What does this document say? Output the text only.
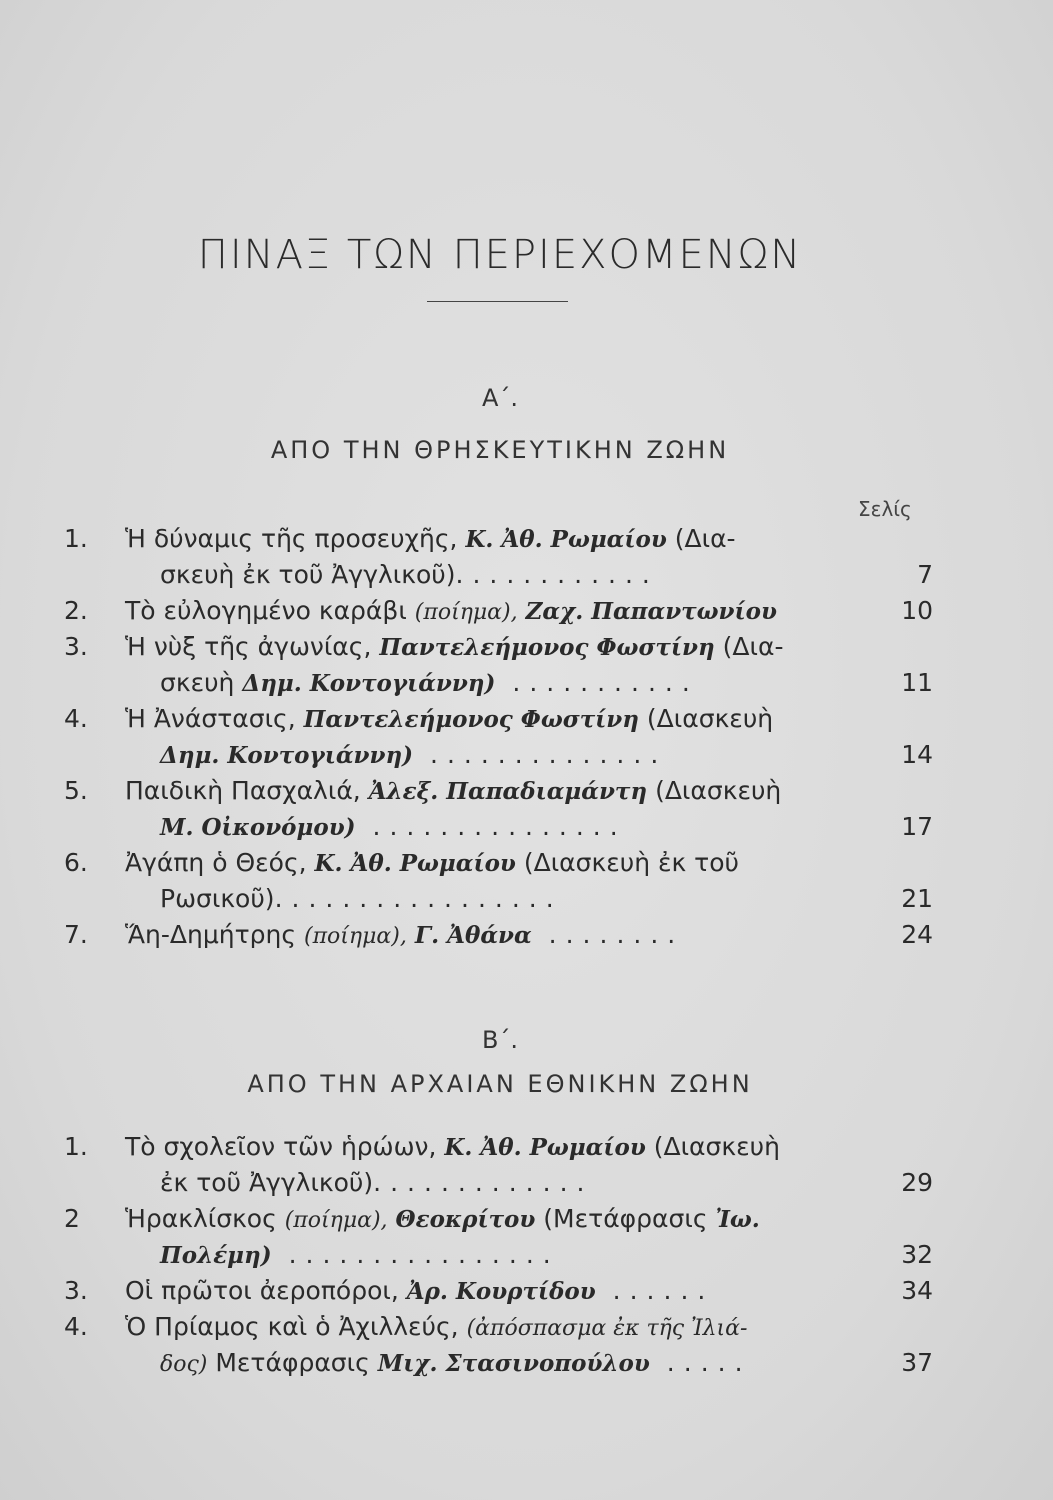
ΠΙΝΑΞ ΤΩΝ ΠΕΡΙΕΧΟΜΕΝΩΝ
Α΄.
ΑΠΟ ΤΗΝ ΘΡΗΣΚΕΥΤΙΚΗΝ ΖΩΗΝ
Σελίς
1. Ἡ δύναμις τῆς προσευχῆς, Κ. Ἀθ. Ρωμαίου (Δια-
σκευὴ ἐκ τοῦ Ἀγγλικοῦ)............	7
2. Τὸ εὐλογημένο καράβι (ποίημα), Ζαχ. Παπαντωνίου	10
3. Ἡ νὺξ τῆς ἀγωνίας, Παντελεήμονος Φωστίνη (Δια-
σκευὴ Δημ. Κοντογιάννη) ...........	11
4. Ἡ Ἀνάστασις, Παντελεήμονος Φωστίνη (Διασκευὴ
Δημ. Κοντογιάννη) ..............	14
5. Παιδικὴ Πασχαλιά, Ἀλεξ. Παπαδιαμάντη (Διασκευὴ
Μ. Οἰκονόμου) ...............	17
6. Ἀγάπη ὁ Θεός, Κ. Ἀθ. Ρωμαίου (Διασκευὴ ἐκ τοῦ
Ρωσικοῦ).................	21
7. Ἅη-Δημήτρης (ποίημα), Γ. Ἀθάνα ........	24
Β΄.
ΑΠΟ ΤΗΝ ΑΡΧΑΙΑΝ ΕΘΝΙΚΗΝ ΖΩΗΝ
1. Τὸ σχολεῖον τῶν ἡρώων, Κ. Ἀθ. Ρωμαίου (Διασκευὴ
ἐκ τοῦ Ἀγγλικοῦ).............	29
2 Ἡρακλίσκος (ποίημα), Θεοκρίτου (Μετάφρασις Ἰω.
Πολέμη) ................	32
3. Οἱ πρῶτοι ἀεροπόροι, Ἀρ. Κουρτίδου ......	34
4. Ὁ Πρίαμος καὶ ὁ Ἀχιλλεύς, (ἀπόσπασμα ἐκ τῆς Ἰλιά-
δος) Μετάφρασις Μιχ. Στασινοπούλου .....	37
